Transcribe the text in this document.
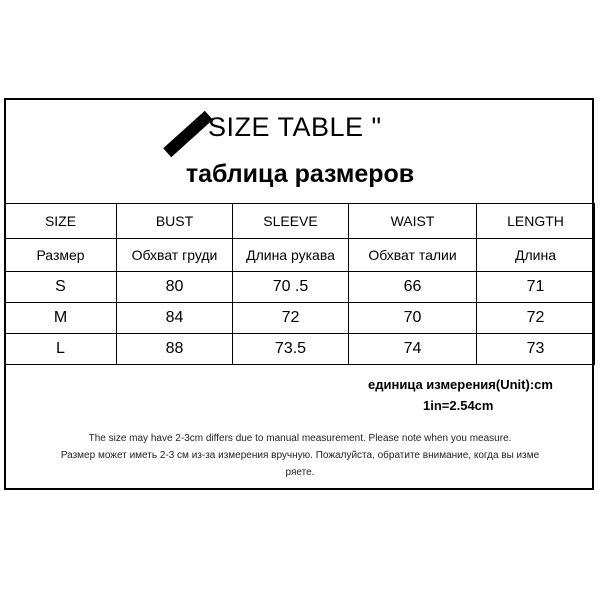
SIZE TABLE "
таблица размеров
SIZE	BUST	SLEEVE	WAIST	LENGTH
Размер	Обхват груди	Длина рукава	Обхват талии	Длина
S	80	70 .5	66	71
M	84	72	70	72
L	88	73.5	74	73
единица измерения(Unit):cm
1in=2.54cm
The size may have 2-3cm differs due to manual measurement. Please note when you measure.
Размер может иметь 2-3 см из-за измерения вручную. Пожалуйста, обратите внимание, когда вы изме
ряете.
